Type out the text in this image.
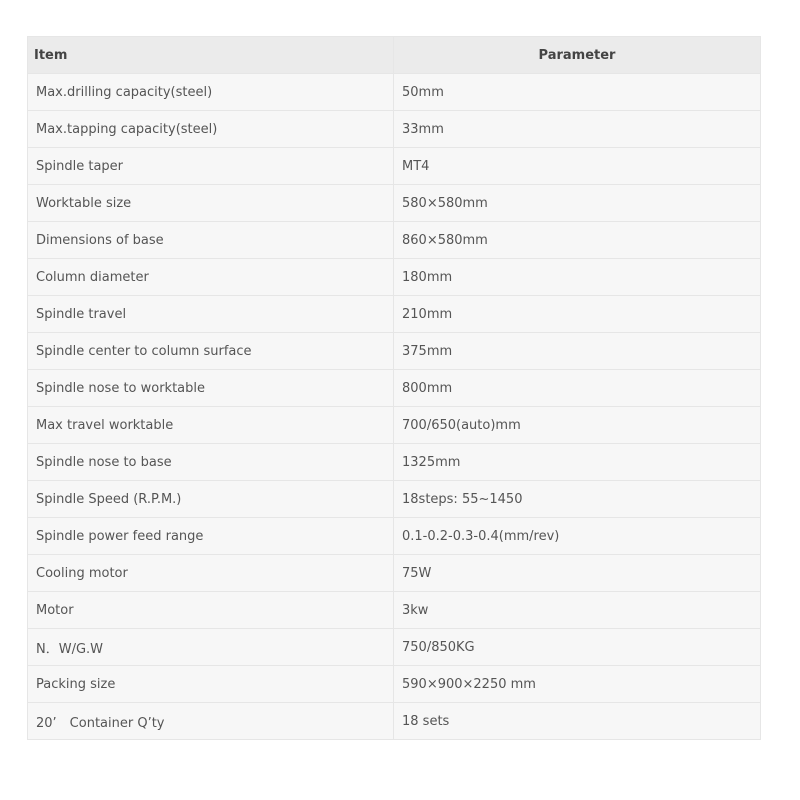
Item	Parameter
Max.drilling capacity(steel)	50mm
Max.tapping capacity(steel)	33mm
Spindle taper	MT4
Worktable size	580×580mm
Dimensions of base	860×580mm
Column diameter	180mm
Spindle travel	210mm
Spindle center to column surface	375mm
Spindle nose to worktable	800mm
Max travel worktable	700/650(auto)mm
Spindle nose to base	1325mm
Spindle Speed (R.P.M.)	18steps: 55~1450
Spindle power feed range	0.1-0.2-0.3-0.4(mm/rev)
Cooling motor	75W
Motor	3kw
N．W/G.W	750/850KG
Packing size	590×900×2250 mm
20’　Container Q’ty	18 sets
